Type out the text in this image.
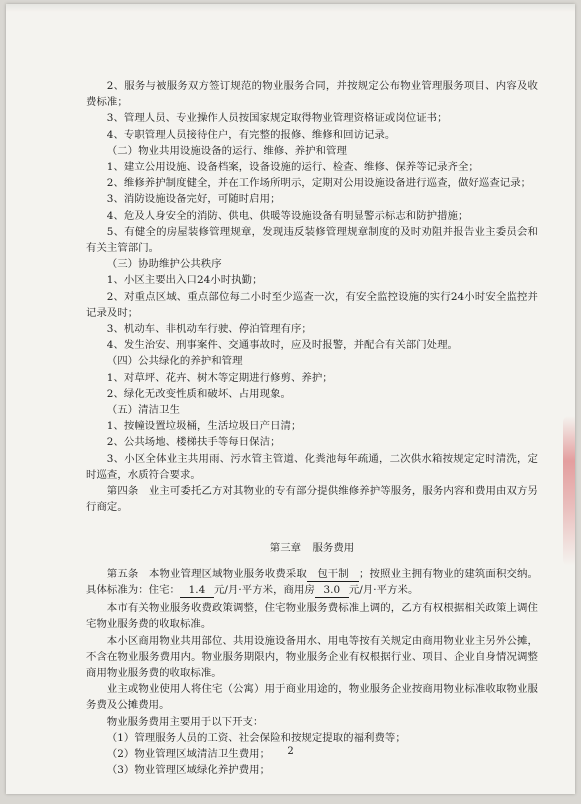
2、服务与被服务双方签订规范的物业服务合同，并按规定公布物业管理服务项目、内容及收费标准；

3、管理人员、专业操作人员按国家规定取得物业管理资格证或岗位证书；

4、专职管理人员接待住户，有完整的报修、维修和回访记录。

（二）物业共用设施设备的运行、维修、养护和管理

1、建立公用设施、设备档案，设备设施的运行、检查、维修、保养等记录齐全；

2、维修养护制度健全，并在工作场所明示，定期对公用设施设备进行巡查，做好巡查记录；

3、消防设施设备完好，可随时启用；

4、危及人身安全的消防、供电、供暖等设施设备有明显警示标志和防护措施；

5、有健全的房屋装修管理规章，发现违反装修管理规章制度的及时劝阻并报告业主委员会和有关主管部门。

（三）协助维护公共秩序

1、小区主要出入口24小时执勤；

2、对重点区域、重点部位每二小时至少巡查一次，有安全监控设施的实行24小时安全监控并记录及时；

3、机动车、非机动车行驶、停泊管理有序；

4、发生治安、刑事案件、交通事故时，应及时报警，并配合有关部门处理。

（四）公共绿化的养护和管理

1、对草坪、花卉、树木等定期进行修剪、养护；

2、绿化无改变性质和破坏、占用现象。

（五）清洁卫生

1、按幢设置垃圾桶，生活垃圾日产日清；

2、公共场地、楼梯扶手等每日保洁；

3、小区全体业主共用雨、污水管主管道、化粪池每年疏通，二次供水箱按规定定时清洗，定时巡查，水质符合要求。

第四条　业主可委托乙方对其物业的专有部分提供维修养护等服务，服务内容和费用由双方另行商定。

第三章 服务费用

第五条　本物业管理区域物业服务收费采取 包干制 ；按照业主拥有物业的建筑面积交纳。具体标准为：住宅： 1.4 元/月·平方米，商用房 3.0 元/月·平方米。

本市有关物业服务收费政策调整，住宅物业服务费标准上调的，乙方有权根据相关政策上调住宅物业服务费的收取标准。

本小区商用物业共用部位、共用设施设备用水、用电等按有关规定由商用物业业主另外公摊，不含在物业服务费用内。物业服务期限内，物业服务企业有权根据行业、项目、企业自身情况调整商用物业服务费的收取标准。

业主或物业使用人将住宅（公寓）用于商业用途的，物业服务企业按商用物业标准收取物业服务费及公摊费用。

物业服务费用主要用于以下开支：

（1）管理服务人员的工资、社会保险和按规定提取的福利费等；

（2）物业管理区域清洁卫生费用；

（3）物业管理区域绿化养护费用；

2
